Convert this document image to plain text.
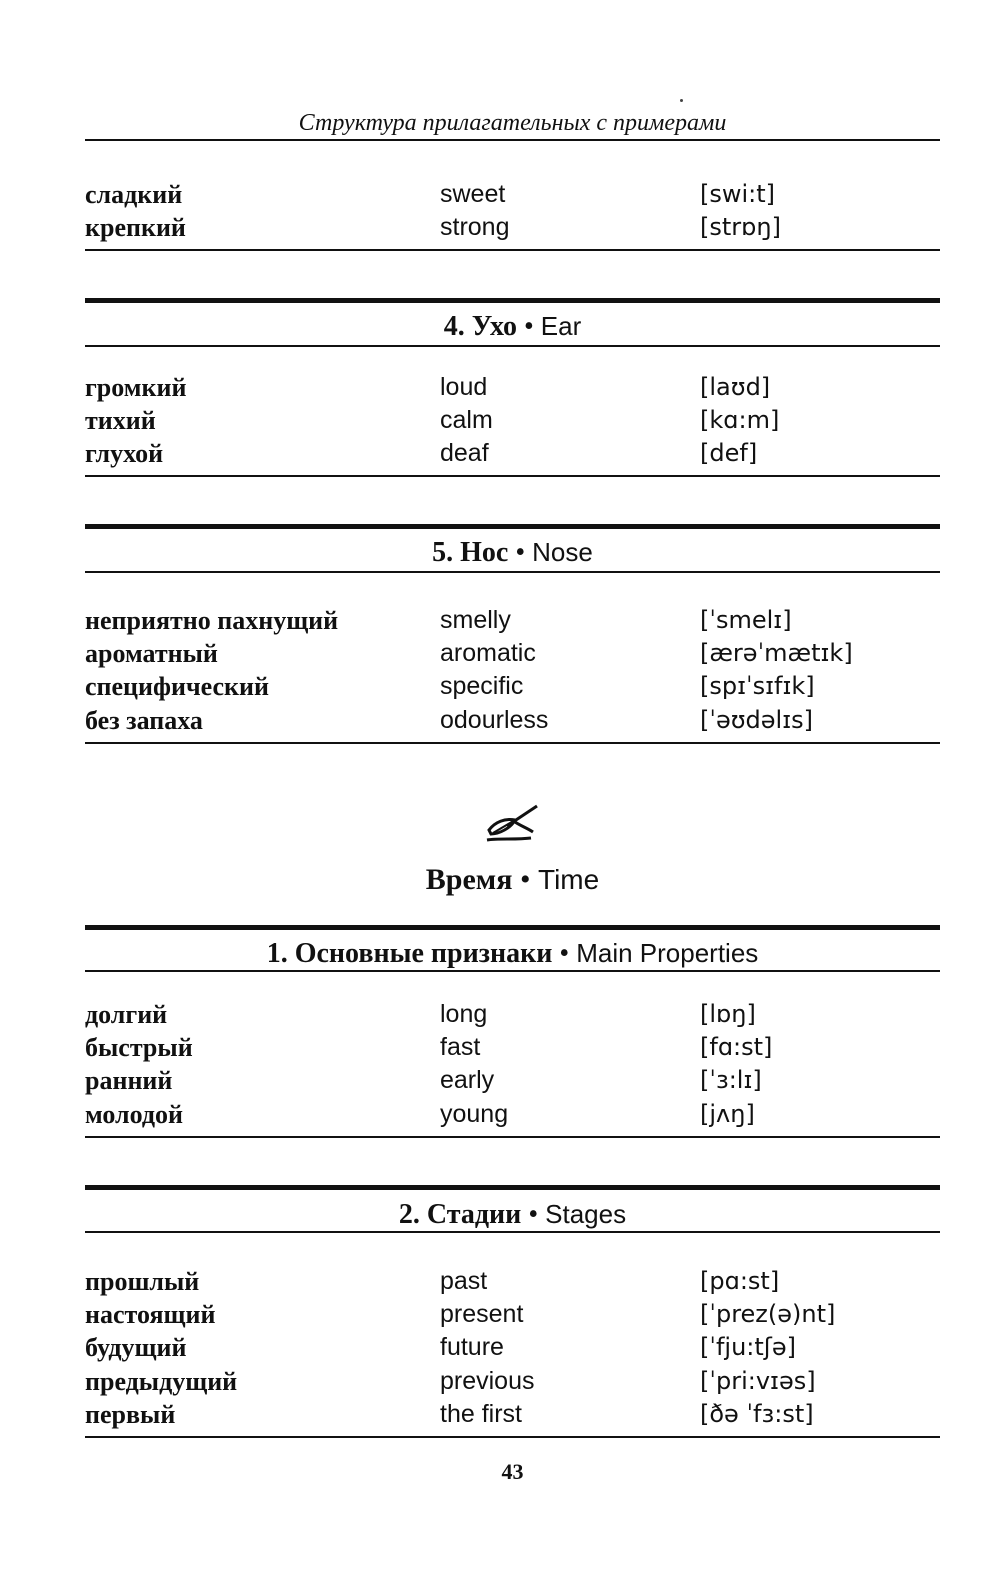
Структура прилагательных с примерами
сладкий	sweet	[swi:t]
крепкий	strong	[strɒŋ]
4. Ухо • Ear
громкий	loud	[laʊd]
тихий	calm	[kɑ:m]
глухой	deaf	[def]
5. Нос • Nose
неприятно пахнущий	smelly	[ˈsmelɪ]
ароматный	aromatic	[ærəˈmætɪk]
специфический	specific	[spɪˈsɪfɪk]
без запаха	odourless	[ˈəʊdəlɪs]
Время • Time
1. Основные признаки • Main Properties
долгий	long	[lɒŋ]
быстрый	fast	[fɑ:st]
ранний	early	[ˈɜ:lɪ]
молодой	young	[jʌŋ]
2. Стадии • Stages
прошлый	past	[pɑ:st]
настоящий	present	[ˈprez(ə)nt]
будущий	future	[ˈfju:tʃə]
предыдущий	previous	[ˈpri:vɪəs]
первый	the first	[ðə ˈfɜ:st]
43
